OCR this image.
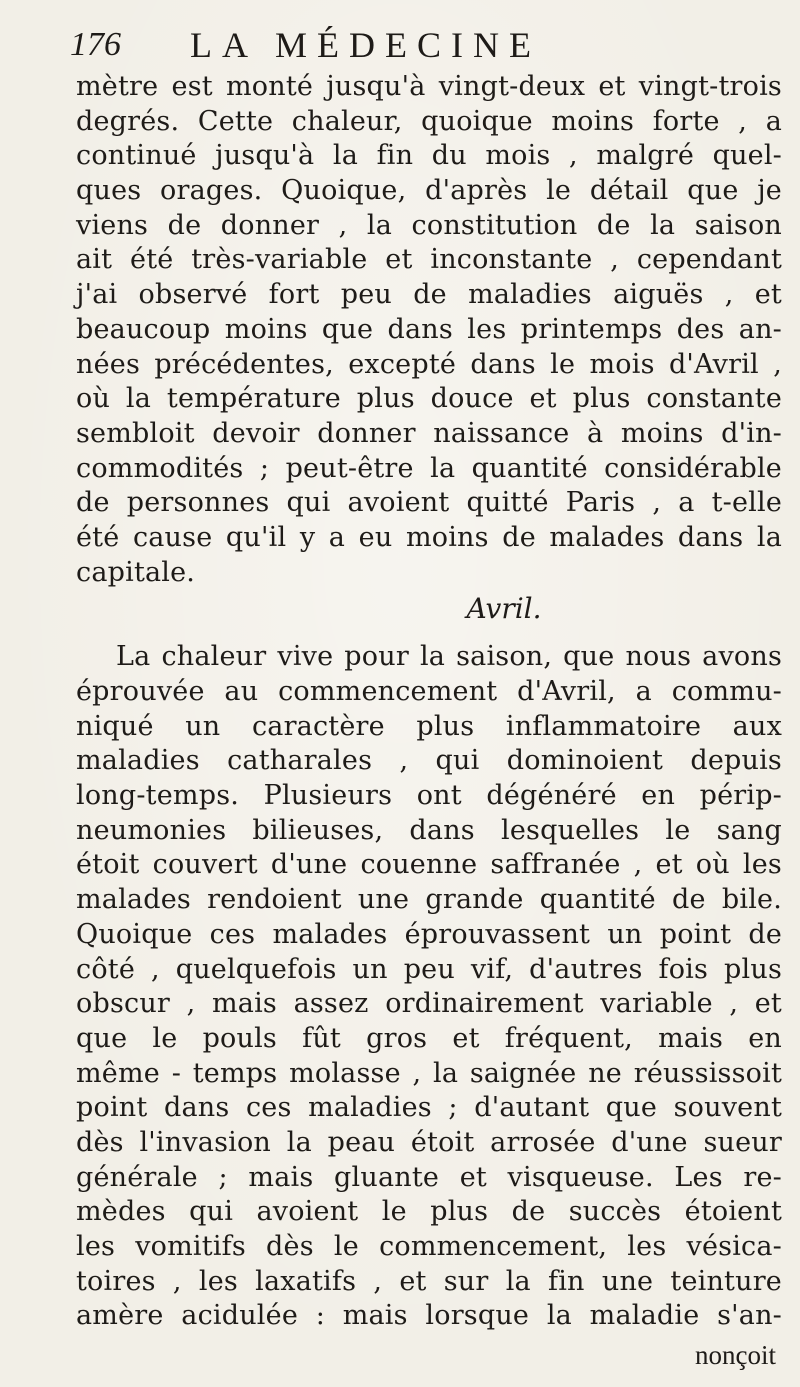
176 LA MÉDECINE
mètre est monté jusqu'à vingt-deux et vingt-trois
degrés. Cette chaleur, quoique moins forte , a
continué jusqu'à la fin du mois , malgré quel-
ques orages. Quoique, d'après le détail que je
viens de donner , la constitution de la saison
ait été très-variable et inconstante , cependant
j'ai observé fort peu de maladies aiguës , et
beaucoup moins que dans les printemps des an-
nées précédentes, excepté dans le mois d'Avril ,
où la température plus douce et plus constante
sembloit devoir donner naissance à moins d'in-
commodités ; peut-être la quantité considérable
de personnes qui avoient quitté Paris , a t-elle
été cause qu'il y a eu moins de malades dans la
capitale.
Avril.
La chaleur vive pour la saison, que nous avons
éprouvée au commencement d'Avril, a commu-
niqué un caractère plus inflammatoire aux
maladies catharales , qui dominoient depuis
long-temps. Plusieurs ont dégénéré en périp-
neumonies bilieuses, dans lesquelles le sang
étoit couvert d'une couenne saffranée , et où les
malades rendoient une grande quantité de bile.
Quoique ces malades éprouvassent un point de
côté , quelquefois un peu vif, d'autres fois plus
obscur , mais assez ordinairement variable , et
que le pouls fût gros et fréquent, mais en
même - temps molasse , la saignée ne réussissoit
point dans ces maladies ; d'autant que souvent
dès l'invasion la peau étoit arrosée d'une sueur
générale ; mais gluante et visqueuse. Les re-
mèdes qui avoient le plus de succès étoient
les vomitifs dès le commencement, les vésica-
toires , les laxatifs , et sur la fin une teinture
amère acidulée : mais lorsque la maladie s'an-
nonçoit
